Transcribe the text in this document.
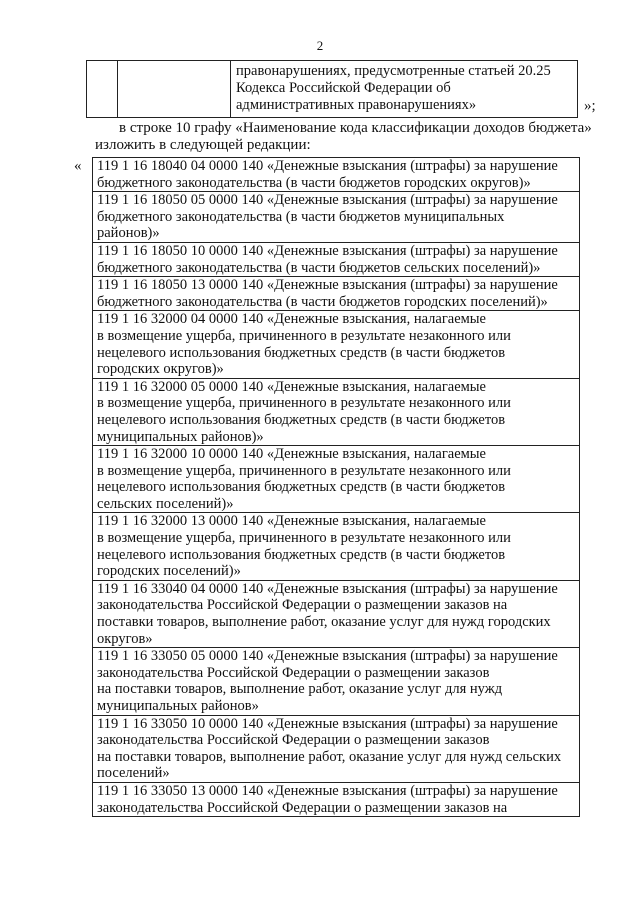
2
		правонарушениях, предусмотренные статьей 20.25 Кодекса Российской Федерации об административных правонарушениях»	»;
в строке 10 графу «Наименование кода классификации доходов бюджета»
изложить в следующей редакции:
« 119 1 16 18040 04 0000 140 «Денежные взыскания (штрафы) за нарушение
бюджетного законодательства (в части бюджетов городских округов)»

119 1 16 18050 05 0000 140 «Денежные взыскания (штрафы) за нарушение
бюджетного законодательства (в части бюджетов муниципальных
районов)»

119 1 16 18050 10 0000 140 «Денежные взыскания (штрафы) за нарушение
бюджетного законодательства (в части бюджетов сельских поселений)»

119 1 16 18050 13 0000 140 «Денежные взыскания (штрафы) за нарушение
бюджетного законодательства (в части бюджетов городских поселений)»

119 1 16 32000 04 0000 140 «Денежные взыскания, налагаемые
в возмещение ущерба, причиненного в результате незаконного или
нецелевого использования бюджетных средств (в части бюджетов
городских округов)»

119 1 16 32000 05 0000 140 «Денежные взыскания, налагаемые
в возмещение ущерба, причиненного в результате незаконного или
нецелевого использования бюджетных средств (в части бюджетов
муниципальных районов)»

119 1 16 32000 10 0000 140 «Денежные взыскания, налагаемые
в возмещение ущерба, причиненного в результате незаконного или
нецелевого использования бюджетных средств (в части бюджетов
сельских поселений)»

119 1 16 32000 13 0000 140 «Денежные взыскания, налагаемые
в возмещение ущерба, причиненного в результате незаконного или
нецелевого использования бюджетных средств (в части бюджетов
городских поселений)»

119 1 16 33040 04 0000 140 «Денежные взыскания (штрафы) за нарушение
законодательства Российской Федерации о размещении заказов на
поставки товаров, выполнение работ, оказание услуг для нужд городских
округов»

119 1 16 33050 05 0000 140 «Денежные взыскания (штрафы) за нарушение
законодательства Российской Федерации о размещении заказов
на поставки товаров, выполнение работ, оказание услуг для нужд
муниципальных районов»

119 1 16 33050 10 0000 140 «Денежные взыскания (штрафы) за нарушение
законодательства Российской Федерации о размещении заказов
на поставки товаров, выполнение работ, оказание услуг для нужд сельских
поселений»

119 1 16 33050 13 0000 140 «Денежные взыскания (штрафы) за нарушение
законодательства Российской Федерации о размещении заказов на
